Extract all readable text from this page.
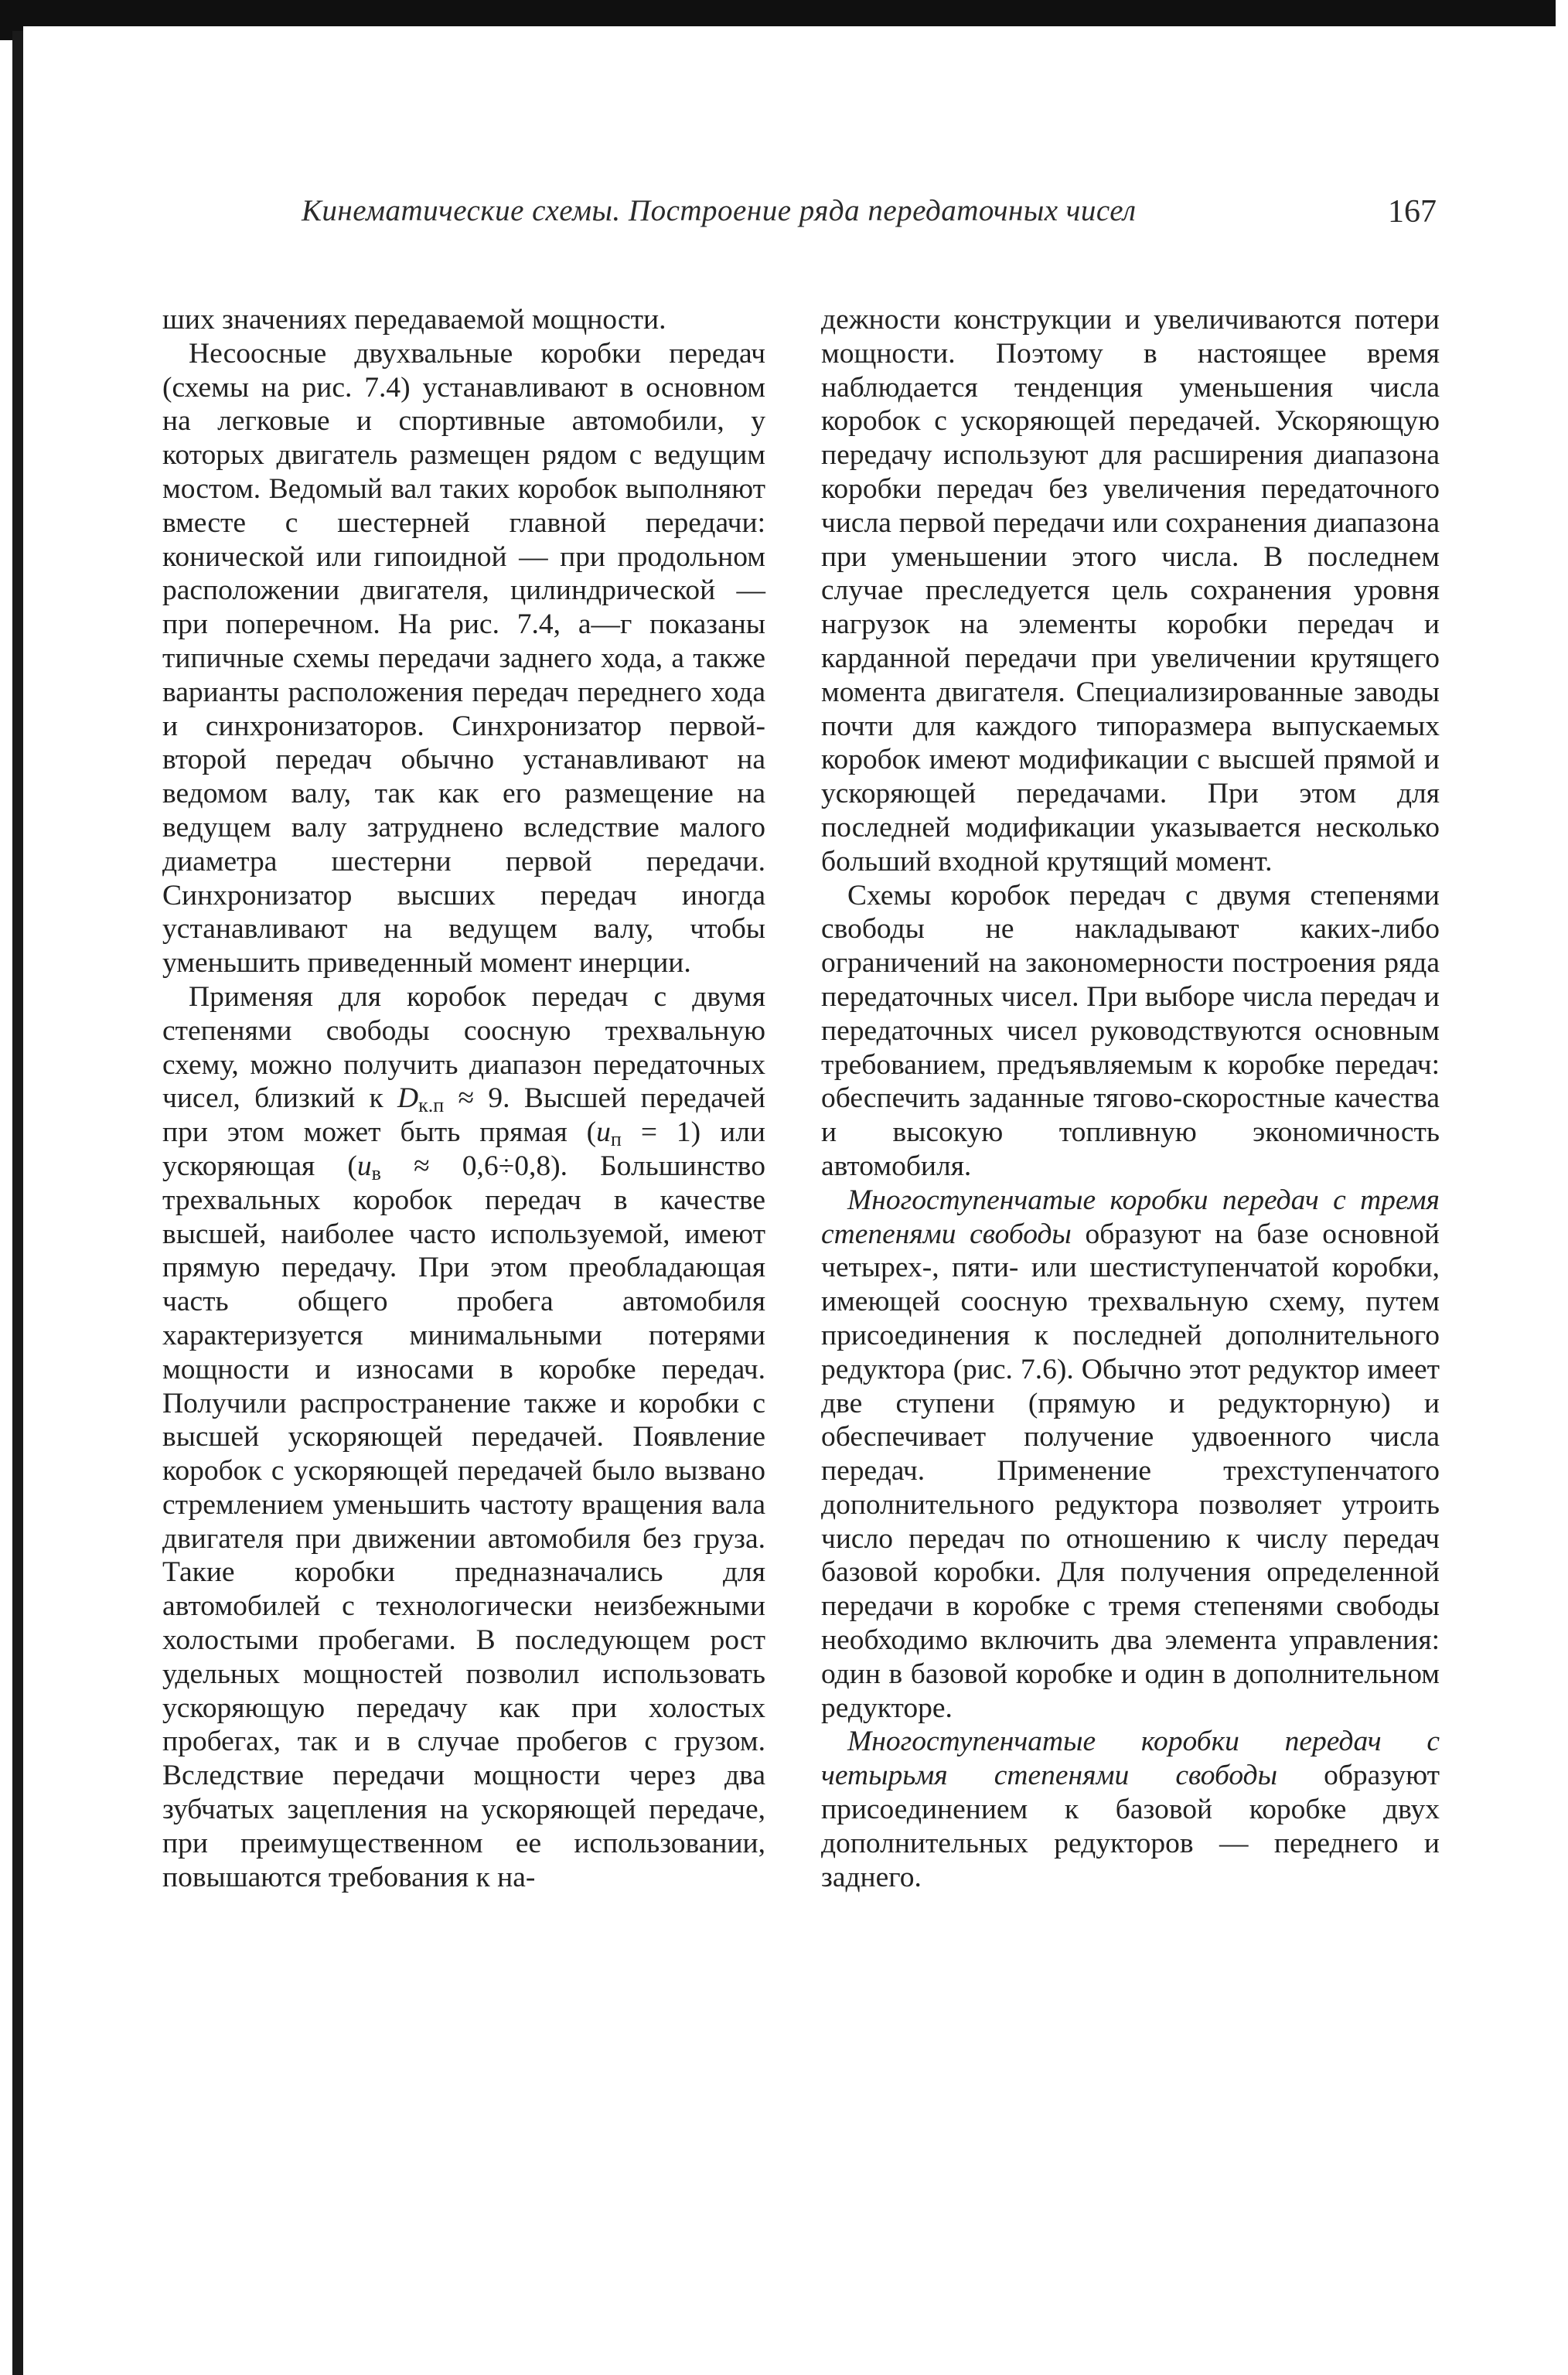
Кинематические схемы. Построение ряда передаточных чисел	167

ших значениях передаваемой мощности.

Несоосные двухвальные коробки передач (схемы на рис. 7.4) устанавливают в основном на легковые и спортивные автомобили, у которых двигатель размещен рядом с ведущим мостом. Ведомый вал таких коробок выполняют вместе с шестерней главной передачи: конической или гипоидной — при продольном расположении двигателя, цилиндрической — при поперечном. На рис. 7.4, а—г показаны типичные схемы передачи заднего хода, а также варианты расположения передач переднего хода и синхронизаторов. Синхронизатор первой-второй передач обычно устанавливают на ведомом валу, так как его размещение на ведущем валу затруднено вследствие малого диаметра шестерни первой передачи. Синхронизатор высших передач иногда устанавливают на ведущем валу, чтобы уменьшить приведенный момент инерции.

Применяя для коробок передач с двумя степенями свободы соосную трехвальную схему, можно получить диапазон передаточных чисел, близкий к $D_{к.п} \approx 9$. Высшей передачей при этом может быть прямая $(u_п = 1)$ или ускоряющая $(u_в \approx 0,6\div 0,8)$. Большинство трехвальных коробок передач в качестве высшей, наиболее часто используемой, имеют прямую передачу. При этом преобладающая часть общего пробега автомобиля характеризуется минимальными потерями мощности и износами в коробке передач. Получили распространение также и коробки с высшей ускоряющей передачей. Появление коробок с ускоряющей передачей было вызвано стремлением уменьшить частоту вращения вала двигателя при движении автомобиля без груза. Такие коробки предназначались для автомобилей с технологически неизбежными холостыми пробегами. В последующем рост удельных мощностей позволил использовать ускоряющую передачу как при холостых пробегах, так и в случае пробегов с грузом. Вследствие передачи мощности через два зубчатых зацепления на ускоряющей передаче, при преимущественном ее использовании, повышаются требования к на-

дежности конструкции и увеличиваются потери мощности. Поэтому в настоящее время наблюдается тенденция уменьшения числа коробок с ускоряющей передачей. Ускоряющую передачу используют для расширения диапазона коробки передач без увеличения передаточного числа первой передачи или сохранения диапазона при уменьшении этого числа. В последнем случае преследуется цель сохранения уровня нагрузок на элементы коробки передач и карданной передачи при увеличении крутящего момента двигателя. Специализированные заводы почти для каждого типоразмера выпускаемых коробок имеют модификации с высшей прямой и ускоряющей передачами. При этом для последней модификации указывается несколько больший входной крутящий момент.

Схемы коробок передач с двумя степенями свободы не накладывают каких-либо ограничений на закономерности построения ряда передаточных чисел. При выборе числа передач и передаточных чисел руководствуются основным требованием, предъявляемым к коробке передач: обеспечить заданные тягово-скоростные качества и высокую топливную экономичность автомобиля.

Многоступенчатые коробки передач с тремя степенями свободы образуют на базе основной четырех-, пяти- или шестиступенчатой коробки, имеющей соосную трехвальную схему, путем присоединения к последней дополнительного редуктора (рис. 7.6). Обычно этот редуктор имеет две ступени (прямую и редукторную) и обеспечивает получение удвоенного числа передач. Применение трехступенчатого дополнительного редуктора позволяет утроить число передач по отношению к числу передач базовой коробки. Для получения определенной передачи в коробке с тремя степенями свободы необходимо включить два элемента управления: один в базовой коробке и один в дополнительном редукторе.

Многоступенчатые коробки передач с четырьмя степенями свободы образуют присоединением к базовой коробке двух дополнительных редукторов — переднего и заднего.
